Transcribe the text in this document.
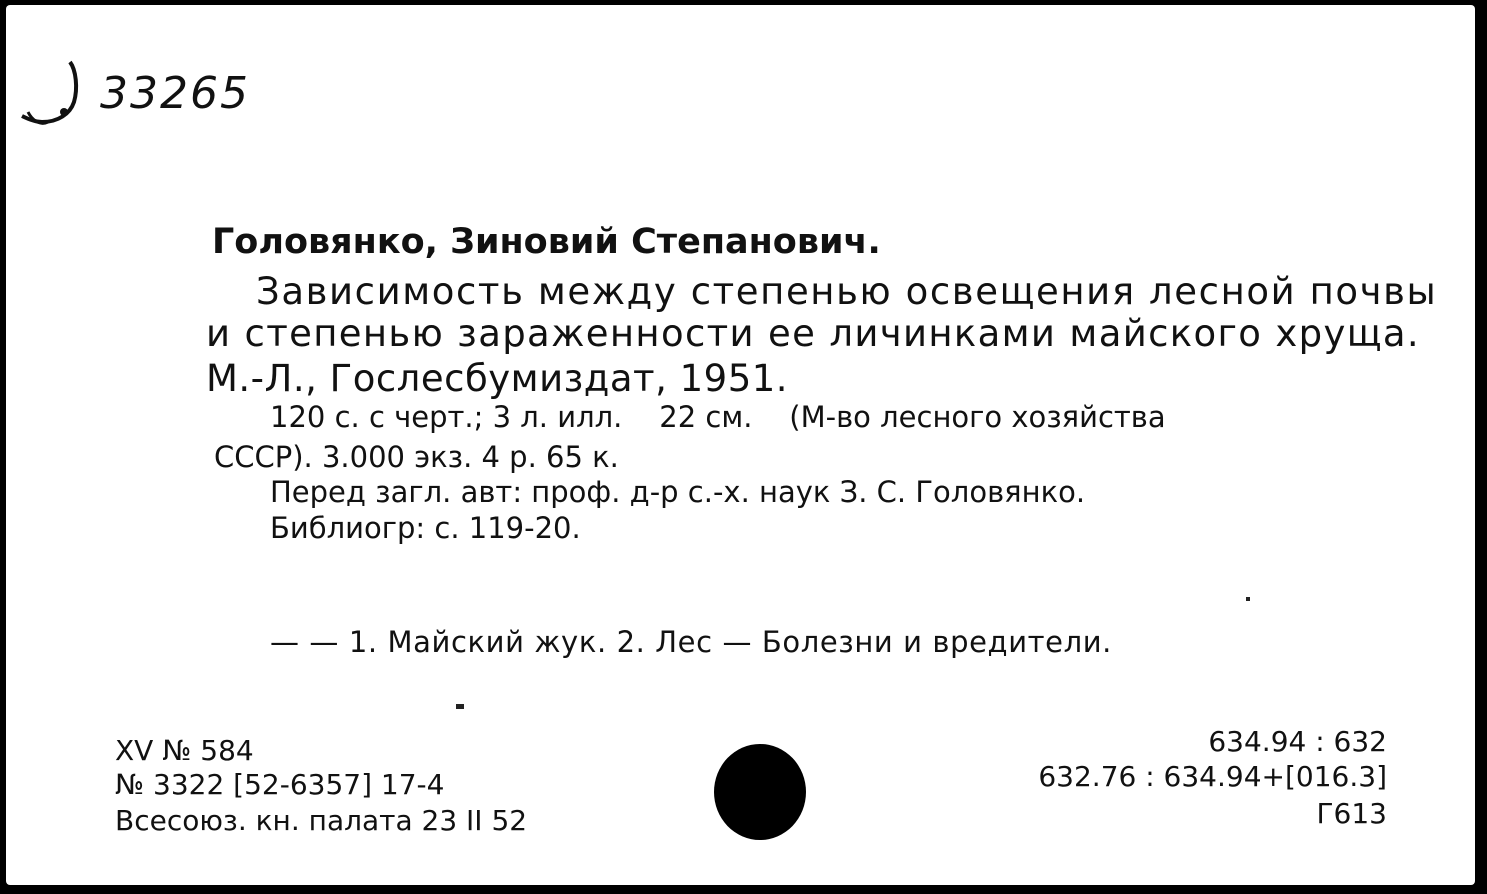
33265
Головянко, Зиновий Степанович.
Зависимость между степенью освещения лесной почвы
и степенью зараженности ее личинками майского хруща.
М.-Л., Гослесбумиздат, 1951.
120 с. с черт.; 3 л. илл.    22 см.    (М-во лесного хозяйства
СССР). 3.000 экз. 4 р. 65 к.
Перед загл. авт: проф. д-р с.-х. наук З. С. Головянко.
Библиогр: с. 119-20.
— — 1. Майский жук. 2. Лес — Болезни и вредители.
XV № 584
№ 3322 [52-6357] 17-4
Всесоюз. кн. палата 23 II 52
634.94 : 632
632.76 : 634.94+[016.3]
Г613
